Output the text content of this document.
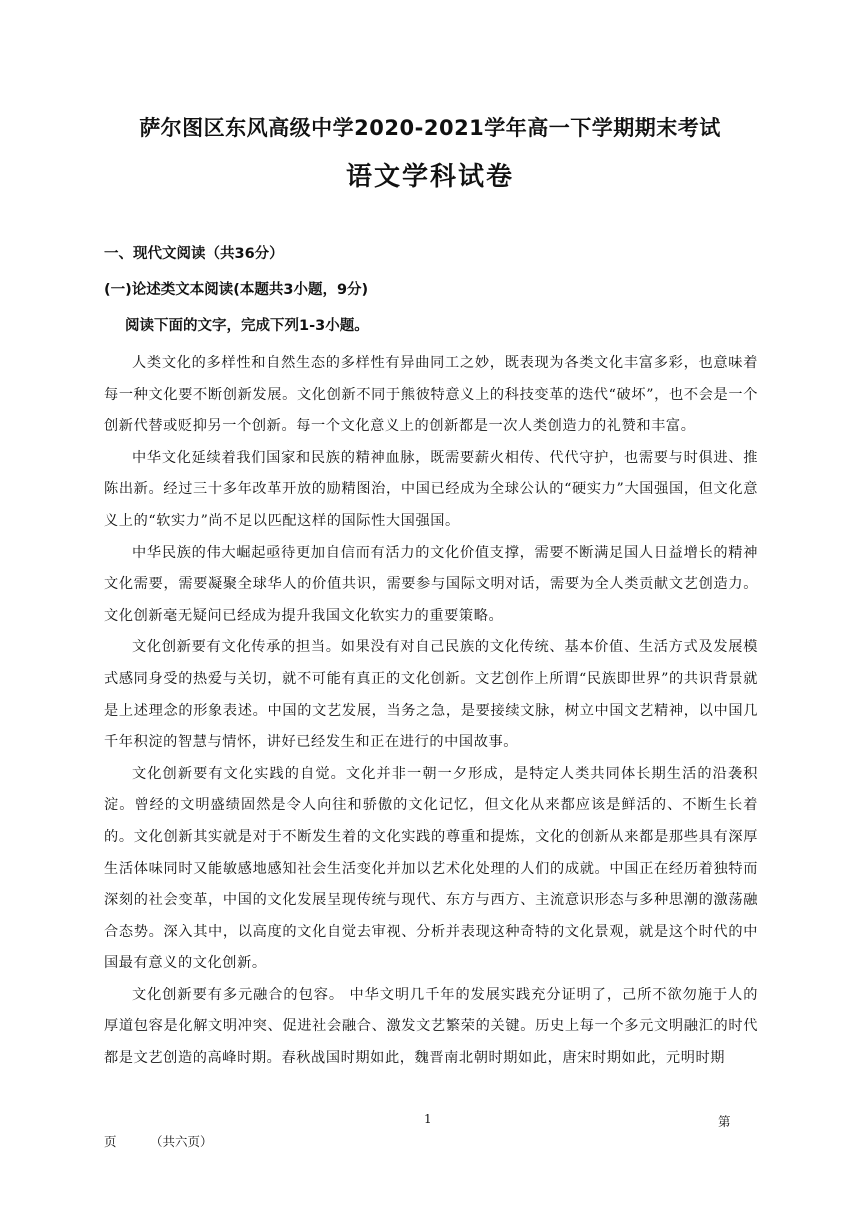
萨尔图区东风高级中学2020-2021学年高一下学期期末考试
语文学科试卷
一、现代文阅读（共36分）
(一)论述类文本阅读(本题共3小题，9分)
阅读下面的文字，完成下列1-3小题。

人类文化的多样性和自然生态的多样性有异曲同工之妙，既表现为各类文化丰富多彩，也意味着每一种文化要不断创新发展。文化创新不同于熊彼特意义上的科技变革的迭代“破坏”，也不会是一个创新代替或贬抑另一个创新。每一个文化意义上的创新都是一次人类创造力的礼赞和丰富。

中华文化延续着我们国家和民族的精神血脉，既需要薪火相传、代代守护，也需要与时俱进、推陈出新。经过三十多年改革开放的励精图治，中国已经成为全球公认的“硬实力”大国强国，但文化意义上的“软实力”尚不足以匹配这样的国际性大国强国。

中华民族的伟大崛起亟待更加自信而有活力的文化价值支撑，需要不断满足国人日益增长的精神文化需要，需要凝聚全球华人的价值共识，需要参与国际文明对话，需要为全人类贡献文艺创造力。文化创新毫无疑问已经成为提升我国文化软实力的重要策略。

文化创新要有文化传承的担当。如果没有对自己民族的文化传统、基本价值、生活方式及发展模式感同身受的热爱与关切，就不可能有真正的文化创新。文艺创作上所谓“民族即世界”的共识背景就是上述理念的形象表述。中国的文艺发展，当务之急，是要接续文脉，树立中国文艺精神，以中国几千年积淀的智慧与情怀，讲好已经发生和正在进行的中国故事。

文化创新要有文化实践的自觉。文化并非一朝一夕形成，是特定人类共同体长期生活的沿袭积淀。曾经的文明盛绩固然是令人向往和骄傲的文化记忆，但文化从来都应该是鲜活的、不断生长着的。文化创新其实就是对于不断发生着的文化实践的尊重和提炼，文化的创新从来都是那些具有深厚生活体味同时又能敏感地感知社会生活变化并加以艺术化处理的人们的成就。中国正在经历着独特而深刻的社会变革，中国的文化发展呈现传统与现代、东方与西方、主流意识形态与多种思潮的激荡融合态势。深入其中，以高度的文化自觉去审视、分析并表现这种奇特的文化景观，就是这个时代的中国最有意义的文化创新。

文化创新要有多元融合的包容。 中华文明几千年的发展实践充分证明了，己所不欲勿施于人的厚道包容是化解文明冲突、促进社会融合、激发文艺繁荣的关键。历史上每一个多元文明融汇的时代都是文艺创造的高峰时期。春秋战国时期如此，魏晋南北朝时期如此，唐宋时期如此，元明时期

1	第
页	（共六页）
